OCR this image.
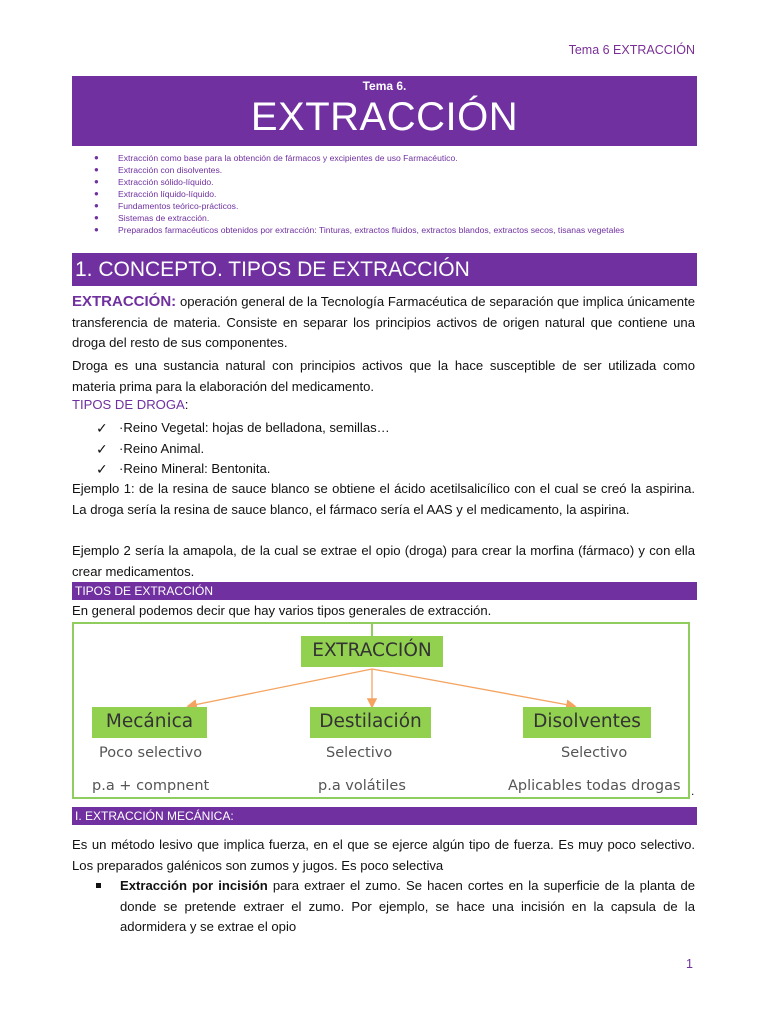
Tema 6 EXTRACCIÓN
Tema 6.
EXTRACCIÓN
● Extracción como base para la obtención de fármacos y excipientes de uso Farmacéutico.
● Extracción con disolventes.
● Extracción sólido-líquido.
● Extracción líquido-líquido.
● Fundamentos teórico-prácticos.
● Sistemas de extracción.
● Preparados farmacéuticos obtenidos por extracción: Tinturas, extractos fluidos, extractos blandos, extractos secos, tisanas vegetales
1. CONCEPTO. TIPOS DE EXTRACCIÓN

EXTRACCIÓN: operación general de la Tecnología Farmacéutica de separación que implica únicamente transferencia de materia. Consiste en separar los principios activos de origen natural que contiene una droga del resto de sus componentes.

Droga es una sustancia natural con principios activos que la hace susceptible de ser utilizada como materia prima para la elaboración del medicamento.

TIPOS DE DROGA:
✓ ·Reino Vegetal: hojas de belladona, semillas…
✓ ·Reino Animal.
✓ ·Reino Mineral: Bentonita.

Ejemplo 1: de la resina de sauce blanco se obtiene el ácido acetilsalicílico con el cual se creó la aspirina. La droga sería la resina de sauce blanco, el fármaco sería el AAS y el medicamento, la aspirina.

Ejemplo 2 sería la amapola, de la cual se extrae el opio (droga) para crear la morfina (fármaco) y con ella crear medicamentos.

TIPOS DE EXTRACCIÓN

En general podemos decir que hay varios tipos generales de extracción.

EXTRACCIÓN
Mecánica	Destilación	Disolventes
Poco selectivo	Selectivo	Selectivo
p.a + compnent	p.a volátiles	Aplicables todas drogas .
I. EXTRACCIÓN MECÁNICA:

Es un método lesivo que implica fuerza, en el que se ejerce algún tipo de fuerza. Es muy poco selectivo. Los preparados galénicos son zumos y jugos. Es poco selectiva

Extracción por incisión para extraer el zumo. Se hacen cortes en la superficie de la planta de donde se pretende extraer el zumo. Por ejemplo, se hace una incisión en la capsula de la adormidera y se extrae el opio
1
